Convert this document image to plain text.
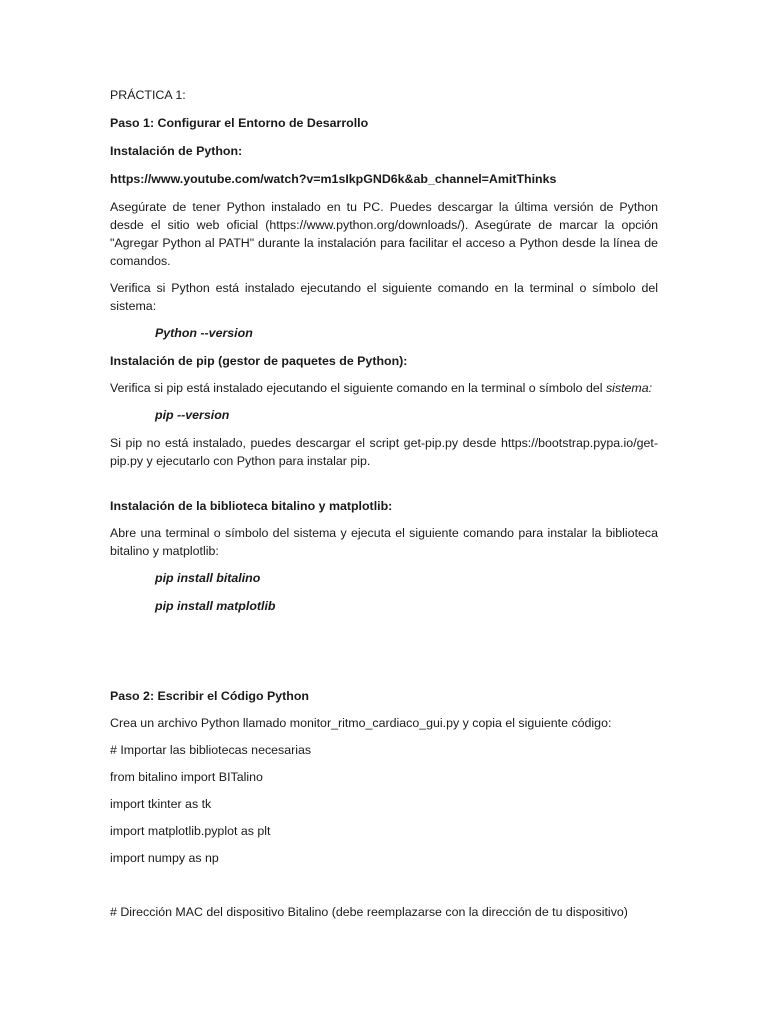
PRÁCTICA 1:

Paso 1: Configurar el Entorno de Desarrollo

Instalación de Python:

https://www.youtube.com/watch?v=m1sIkpGND6k&ab_channel=AmitThinks

Asegúrate de tener Python instalado en tu PC. Puedes descargar la última versión de Python desde el sitio web oficial (https://www.python.org/downloads/). Asegúrate de marcar la opción "Agregar Python al PATH" durante la instalación para facilitar el acceso a Python desde la línea de comandos.

Verifica si Python está instalado ejecutando el siguiente comando en la terminal o símbolo del sistema:

Python --version

Instalación de pip (gestor de paquetes de Python):

Verifica si pip está instalado ejecutando el siguiente comando en la terminal o símbolo del sistema:

pip --version

Si pip no está instalado, puedes descargar el script get-pip.py desde https://bootstrap.pypa.io/get-pip.py y ejecutarlo con Python para instalar pip.

Instalación de la biblioteca bitalino y matplotlib:

Abre una terminal o símbolo del sistema y ejecuta el siguiente comando para instalar la biblioteca bitalino y matplotlib:

pip install bitalino

pip install matplotlib

Paso 2: Escribir el Código Python

Crea un archivo Python llamado monitor_ritmo_cardiaco_gui.py y copia el siguiente código:

# Importar las bibliotecas necesarias

from bitalino import BITalino

import tkinter as tk

import matplotlib.pyplot as plt

import numpy as np

# Dirección MAC del dispositivo Bitalino (debe reemplazarse con la dirección de tu dispositivo)
